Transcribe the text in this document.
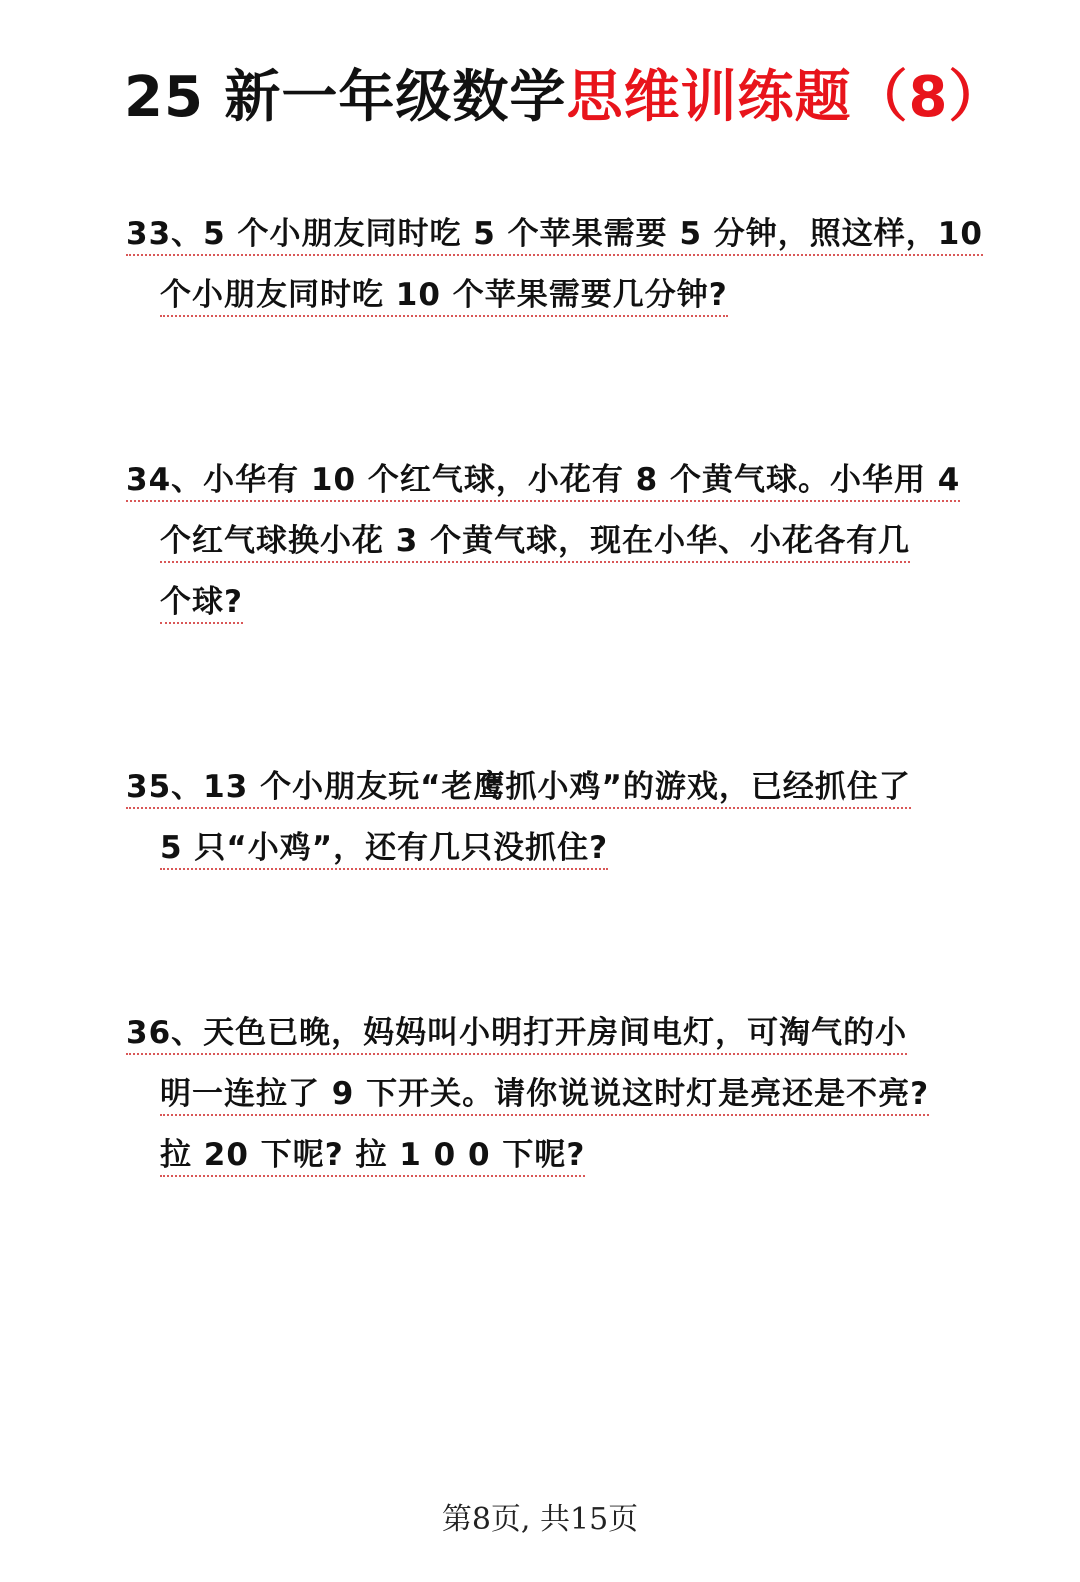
25 新一年级数学思维训练题（8）
33、5 个小朋友同时吃 5 个苹果需要 5 分钟，照这样，10
个小朋友同时吃 10 个苹果需要几分钟?
34、小华有 10 个红气球，小花有 8 个黄气球。小华用 4
个红气球换小花 3 个黄气球，现在小华、小花各有几
个球?
35、13 个小朋友玩“老鹰抓小鸡”的游戏，已经抓住了
5 只“小鸡”，还有几只没抓住?
36、天色已晚，妈妈叫小明打开房间电灯，可淘气的小
明一连拉了 9 下开关。请你说说这时灯是亮还是不亮?
拉 20 下呢? 拉 1 0 0 下呢?
第8页, 共15页
